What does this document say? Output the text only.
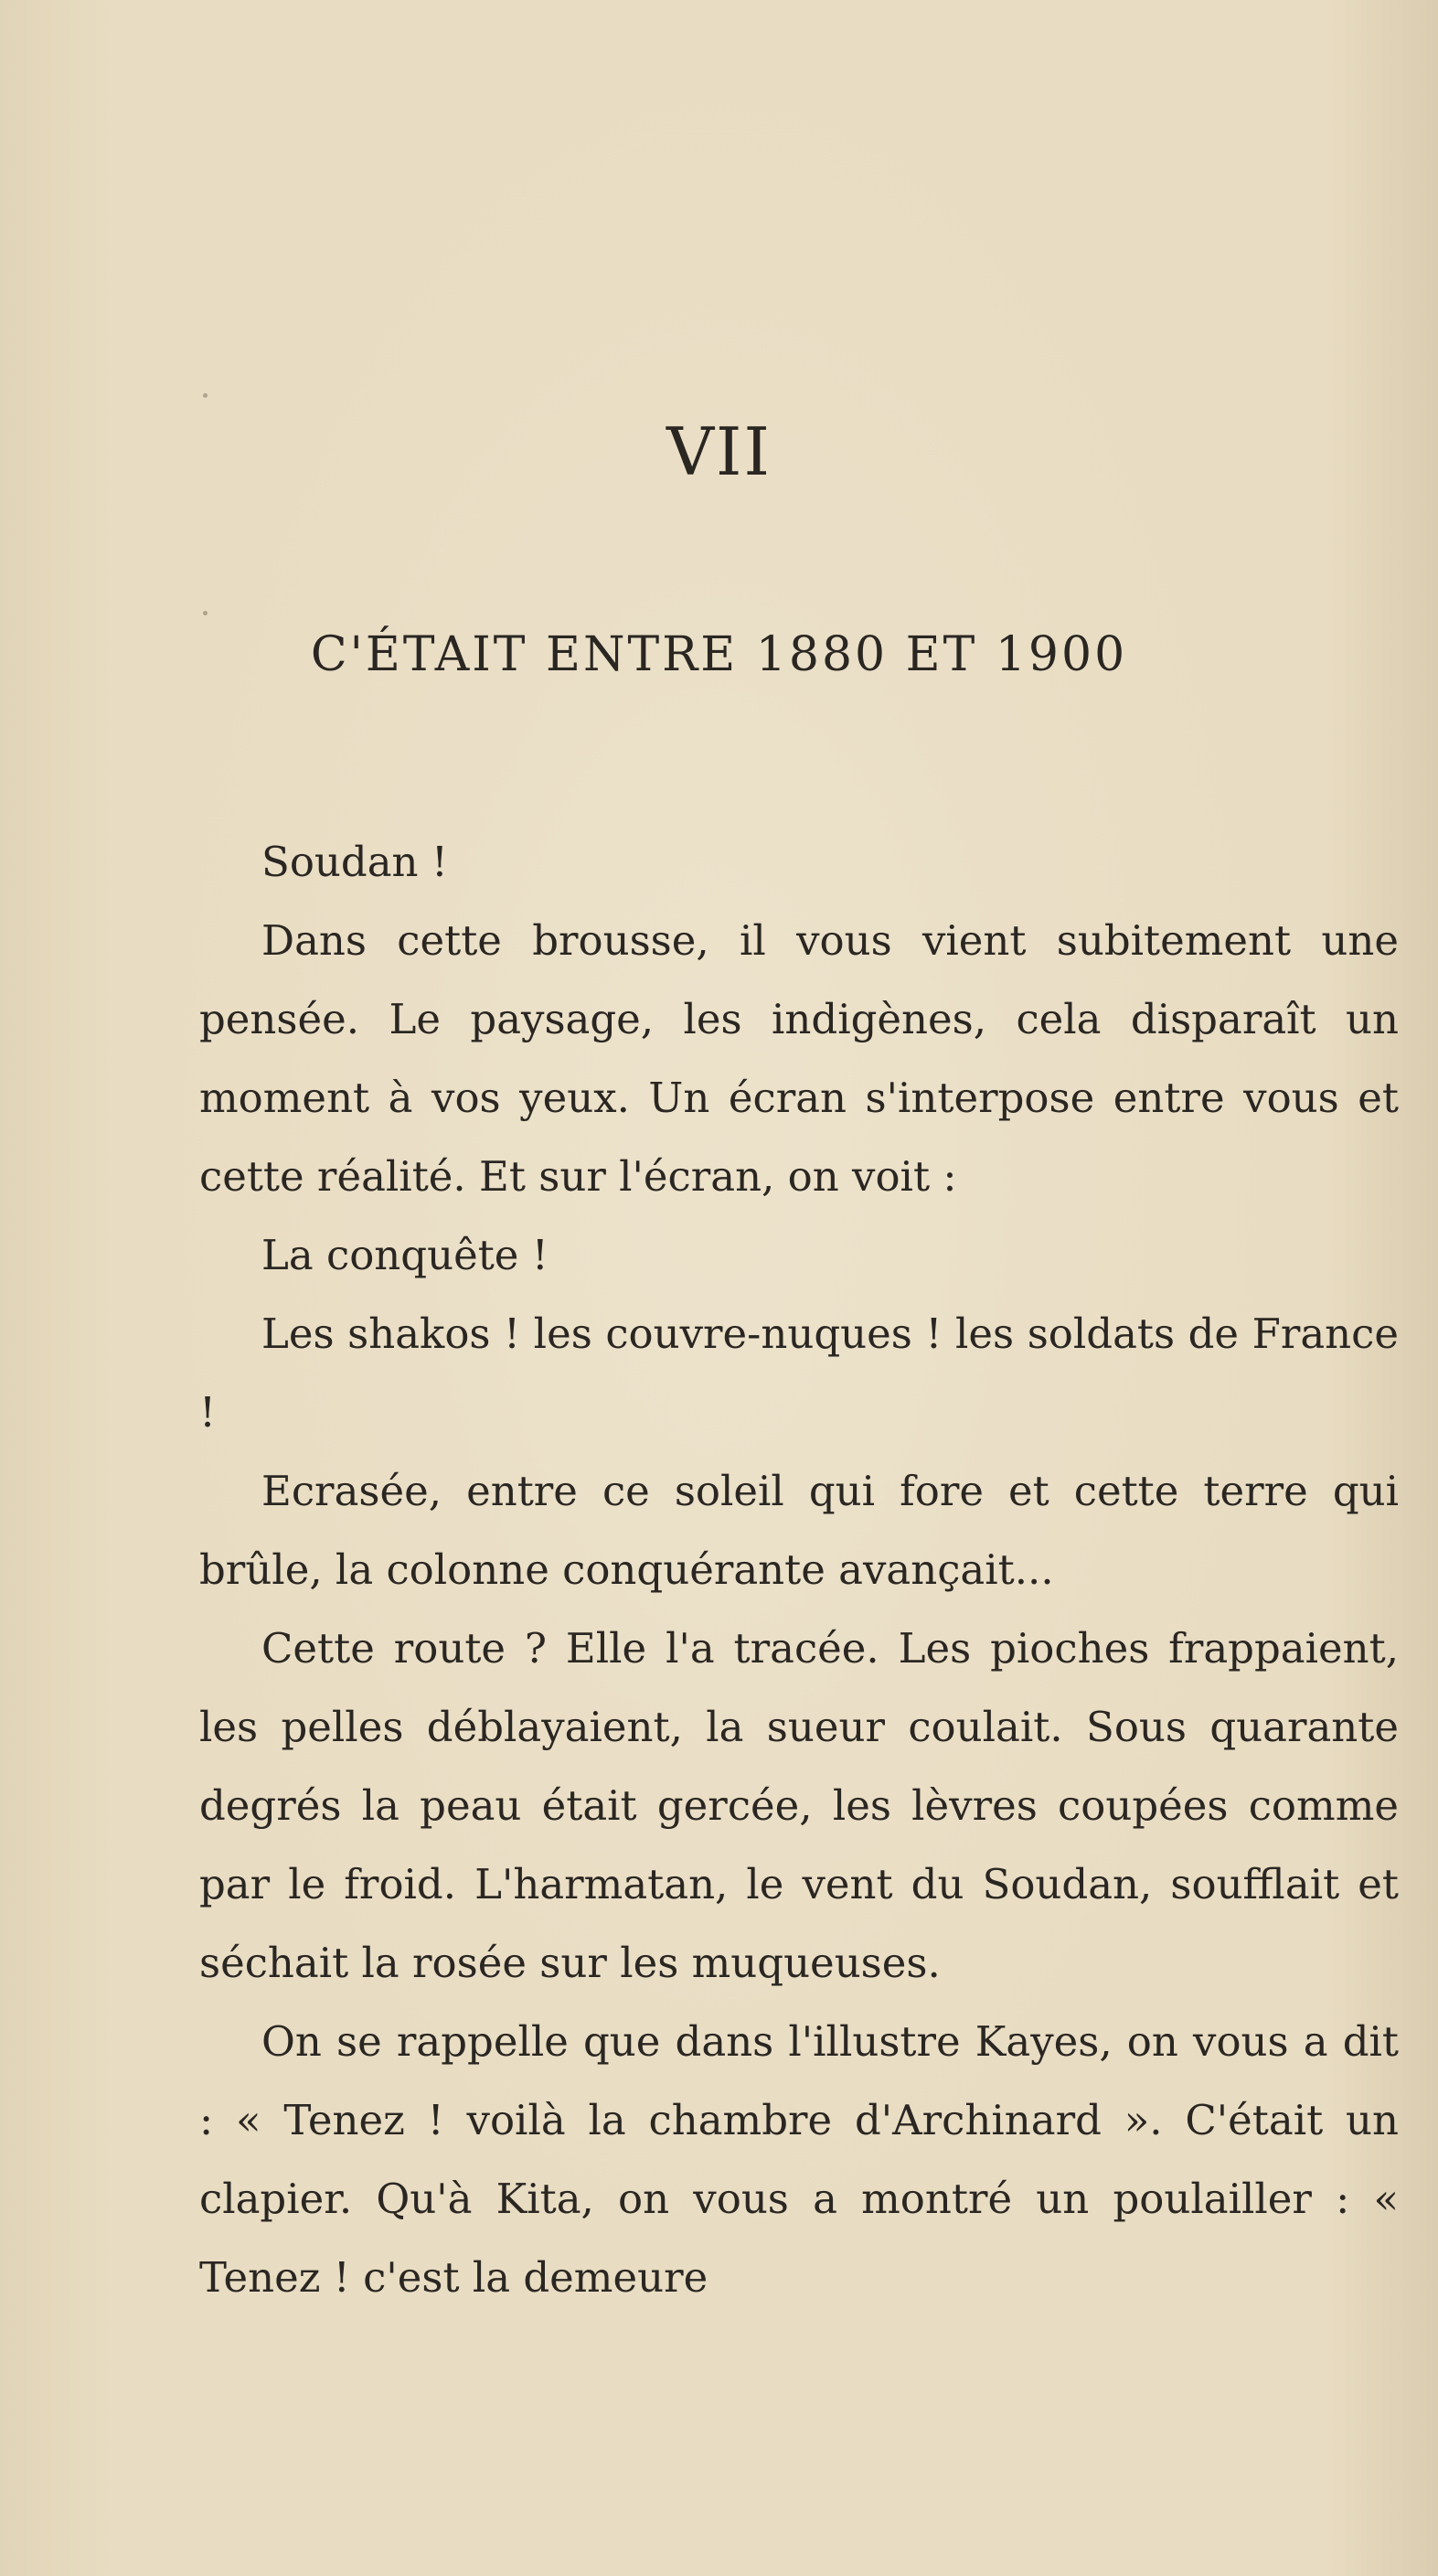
VII
C'ÉTAIT ENTRE 1880 ET 1900

Soudan !

Dans cette brousse, il vous vient subitement une pensée. Le paysage, les indigènes, cela disparaît un moment à vos yeux. Un écran s'interpose entre vous et cette réalité. Et sur l'écran, on voit :

La conquête !

Les shakos ! les couvre-nuques ! les soldats de France !

Ecrasée, entre ce soleil qui fore et cette terre qui brûle, la colonne conquérante avançait...

Cette route ? Elle l'a tracée. Les pioches frappaient, les pelles déblayaient, la sueur coulait. Sous quarante degrés la peau était gercée, les lèvres coupées comme par le froid. L'harmatan, le vent du Soudan, soufflait et séchait la rosée sur les muqueuses.

On se rappelle que dans l'illustre Kayes, on vous a dit : « Tenez ! voilà la chambre d'Archinard ». C'était un clapier. Qu'à Kita, on vous a montré un poulailler : « Tenez ! c'est la demeure
